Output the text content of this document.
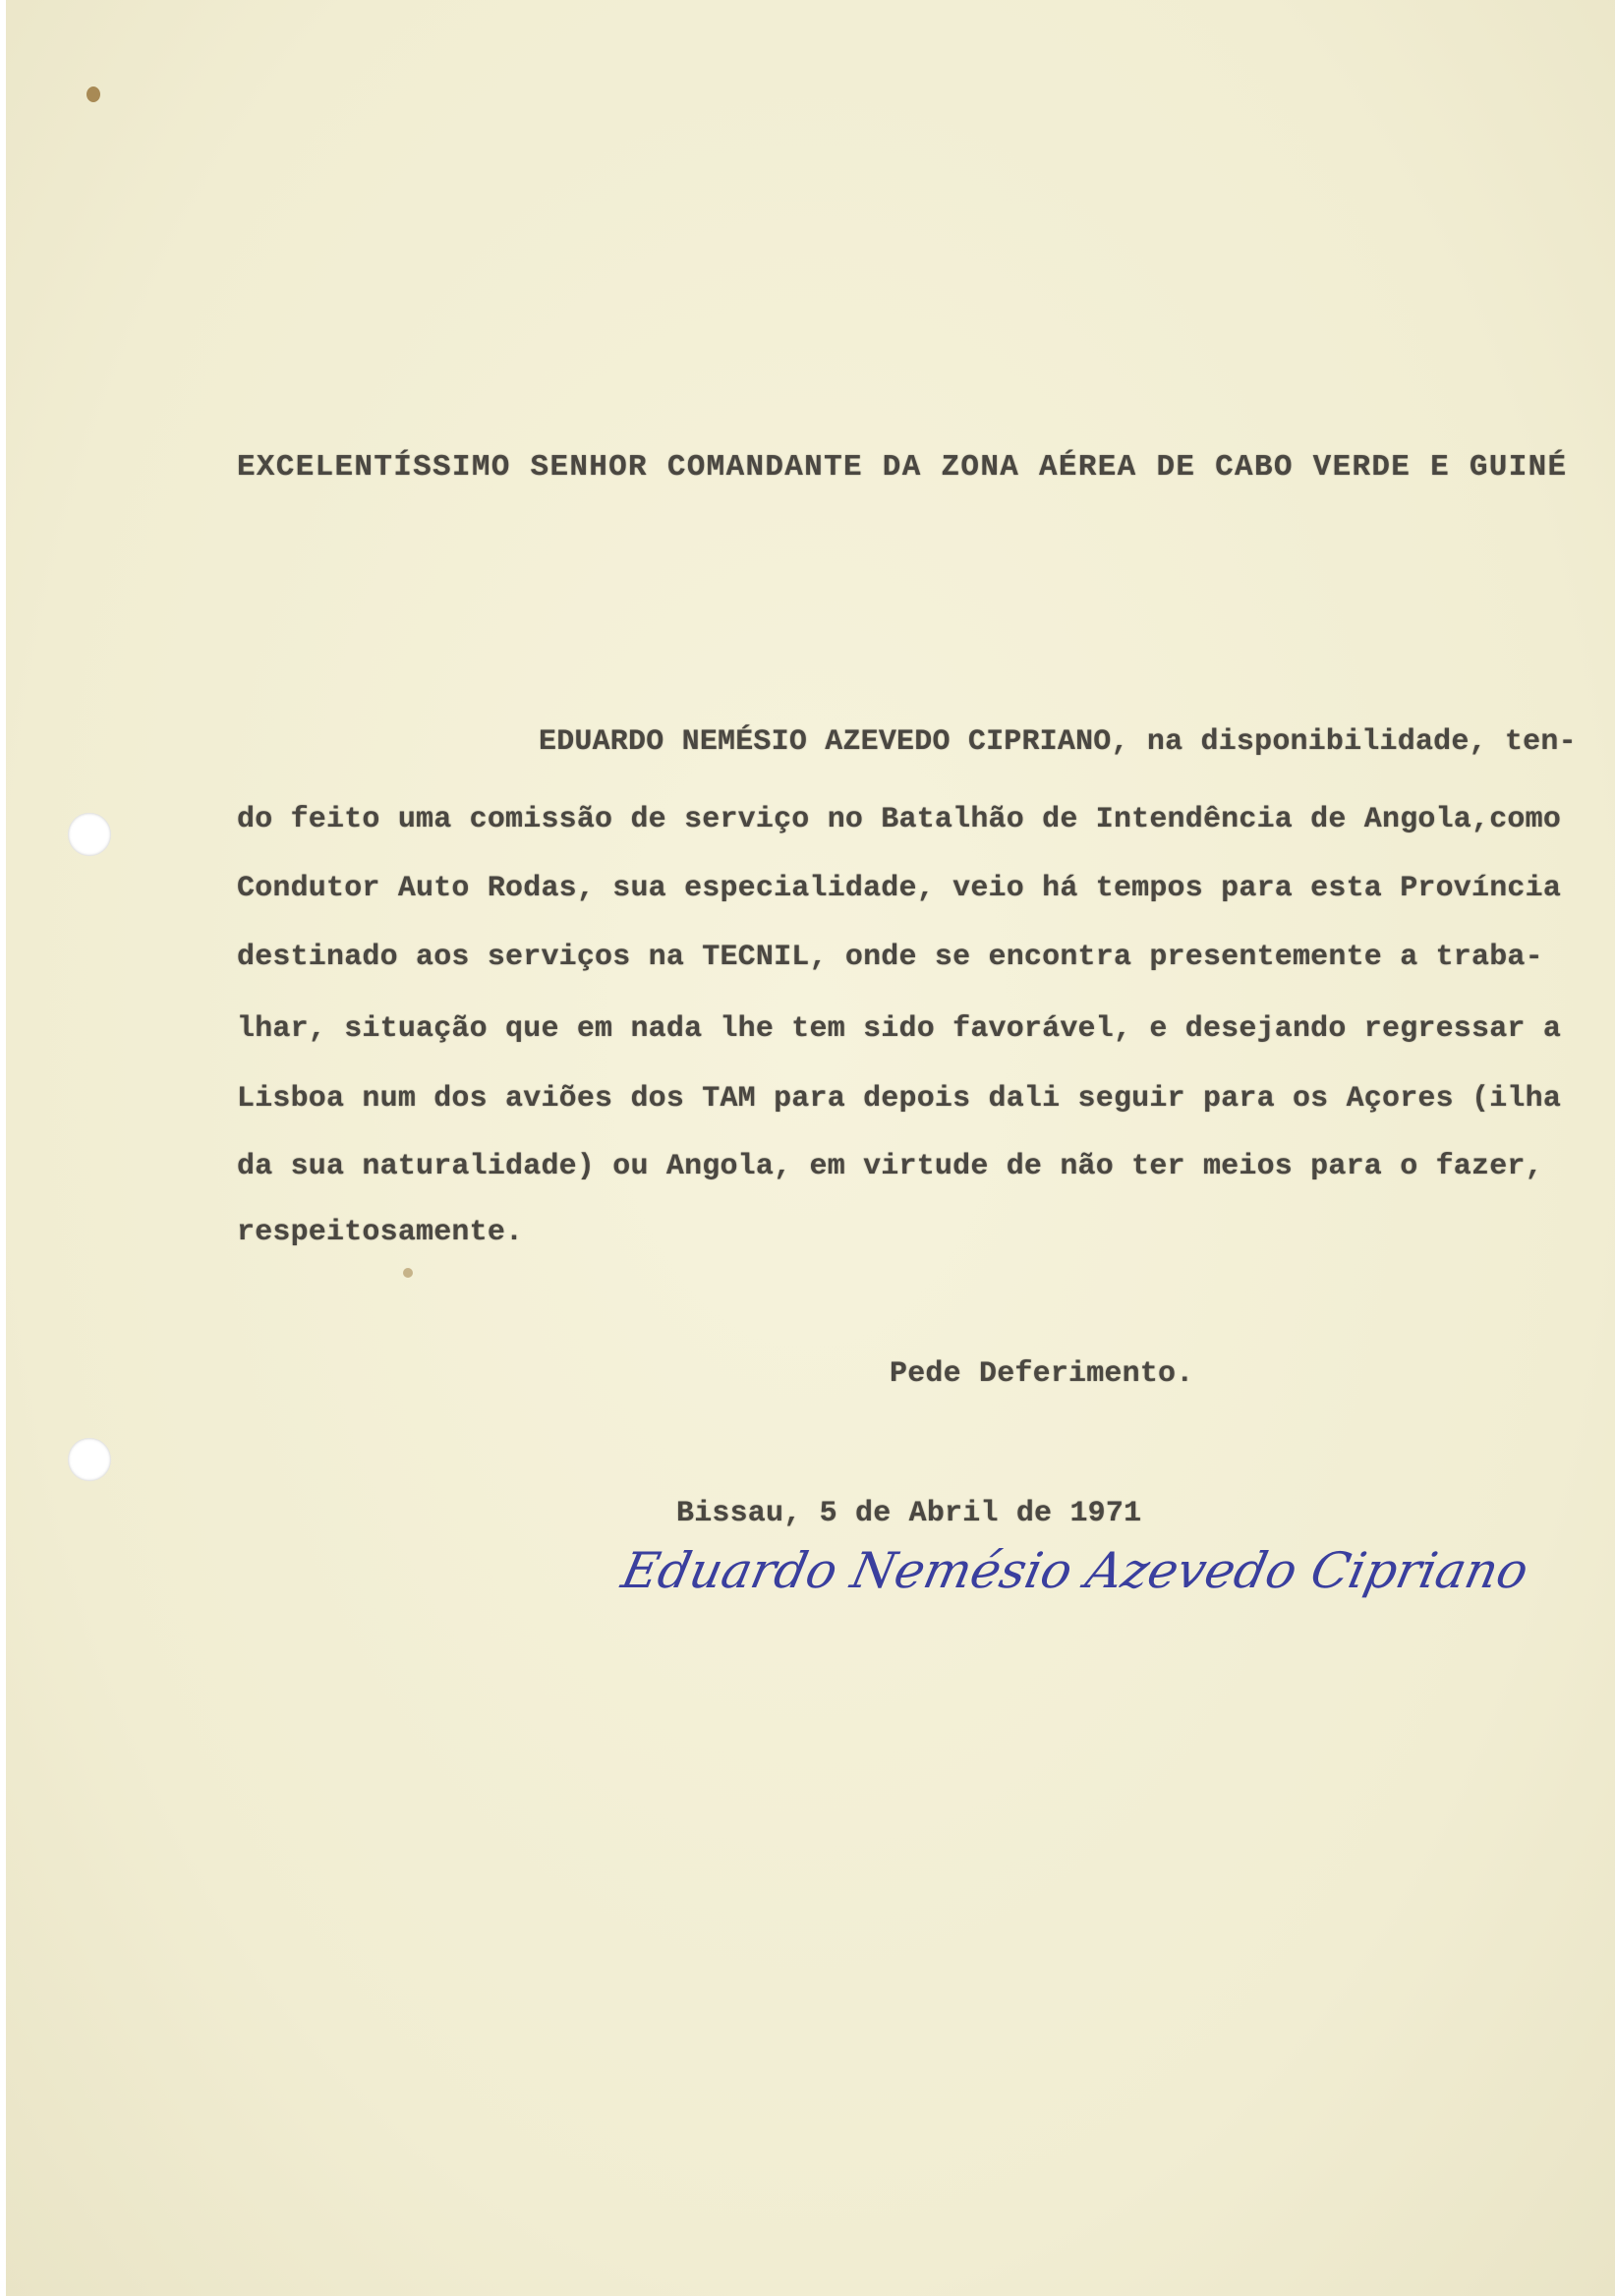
EXCELENTÍSSIMO SENHOR COMANDANTE DA ZONA AÉREA DE CABO VERDE E GUINÉ
EDUARDO NEMÉSIO AZEVEDO CIPRIANO, na disponibilidade, ten-
do feito uma comissão de serviço no Batalhão de Intendência de Angola,como
Condutor Auto Rodas, sua especialidade, veio há tempos para esta Província
destinado aos serviços na TECNIL, onde se encontra presentemente a traba-
lhar, situação que em nada lhe tem sido favorável, e desejando regressar a
Lisboa num dos aviões dos TAM para depois dali seguir para os Açores (ilha
da sua naturalidade) ou Angola, em virtude de não ter meios para o fazer,
respeitosamente.
Pede Deferimento.
Bissau, 5 de Abril de 1971
Eduardo Nemésio Azevedo Cipriano
